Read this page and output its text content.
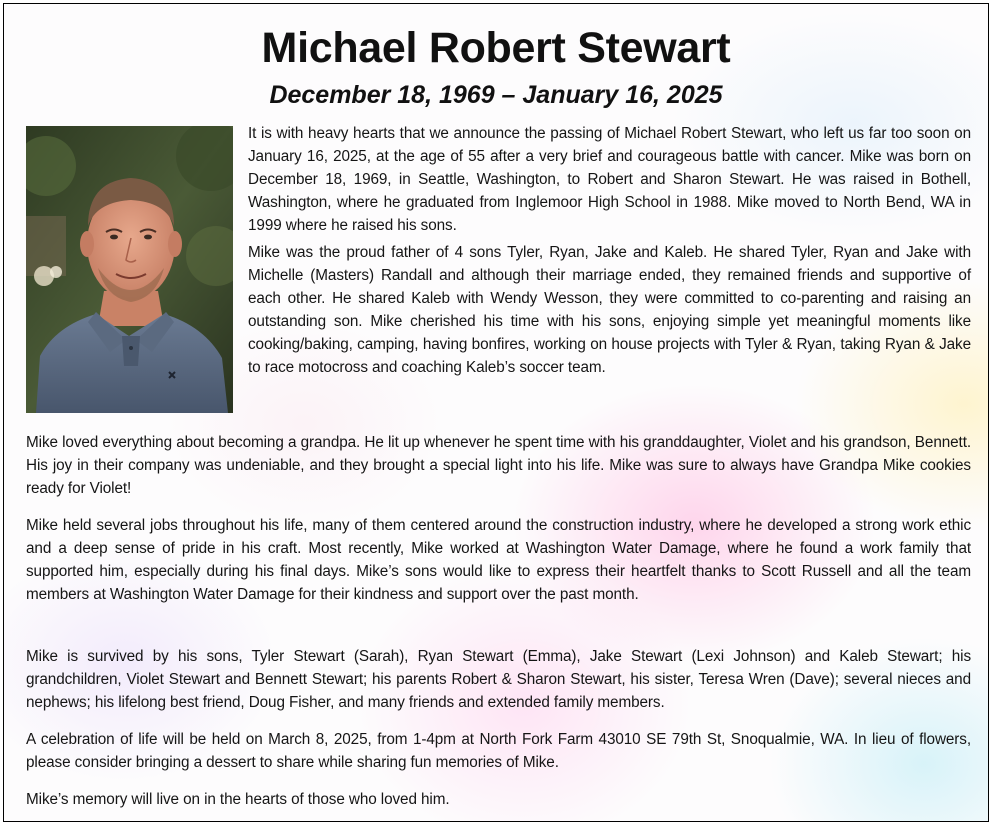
Michael Robert Stewart
December 18, 1969 – January 16, 2025

It is with heavy hearts that we announce the passing of Michael Robert Stewart, who left us far too soon on January 16, 2025, at the age of 55 after a very brief and courageous battle with cancer. Mike was born on December 18, 1969, in Seattle, Washington, to Robert and Sharon Stewart. He was raised in Bothell, Washington, where he graduated from Inglemoor High School in 1988. Mike moved to North Bend, WA in 1999 where he raised his sons.

Mike was the proud father of 4 sons Tyler, Ryan, Jake and Kaleb. He shared Tyler, Ryan and Jake with Michelle (Masters) Randall and although their marriage ended, they remained friends and supportive of each other. He shared Kaleb with Wendy Wesson, they were committed to co-parenting and raising an outstanding son. Mike cherished his time with his sons, enjoying simple yet meaningful moments like cooking/baking, camping, having bonfires, working on house projects with Tyler & Ryan, taking Ryan & Jake to race motocross and coaching Kaleb’s soccer team.

Mike loved everything about becoming a grandpa. He lit up whenever he spent time with his granddaughter, Violet and his grandson, Bennett. His joy in their company was undeniable, and they brought a special light into his life. Mike was sure to always have Grandpa Mike cookies ready for Violet!
Mike held several jobs throughout his life, many of them centered around the construction industry, where he developed a strong work ethic and a deep sense of pride in his craft. Most recently, Mike worked at Washington Water Damage, where he found a work family that supported him, especially during his final days. Mike’s sons would like to express their heartfelt thanks to Scott Russell and all the team members at Washington Water Damage for their kindness and support over the past month.
Mike is survived by his sons, Tyler Stewart (Sarah), Ryan Stewart (Emma), Jake Stewart (Lexi Johnson) and Kaleb Stewart; his grandchildren, Violet Stewart and Bennett Stewart; his parents Robert & Sharon Stewart, his sister, Teresa Wren (Dave); several nieces and nephews; his lifelong best friend, Doug Fisher, and many friends and extended family members.
A celebration of life will be held on March 8, 2025, from 1-4pm at North Fork Farm 43010 SE 79th St, Snoqualmie, WA. In lieu of flowers, please consider bringing a dessert to share while sharing fun memories of Mike.
Mike’s memory will live on in the hearts of those who loved him.
